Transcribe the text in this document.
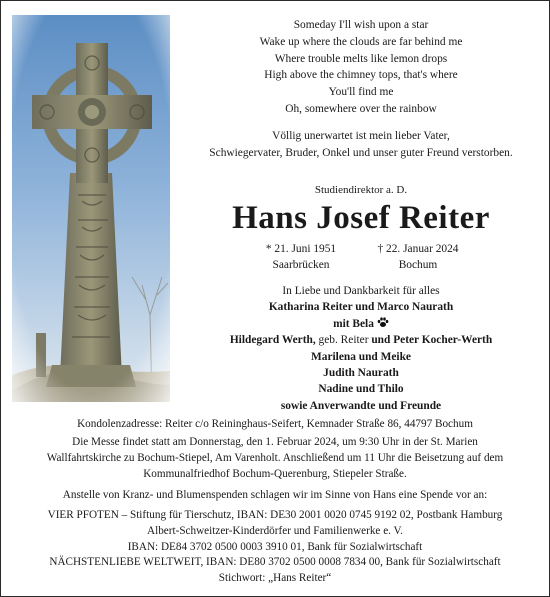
Someday I'll wish upon a star
Wake up where the clouds are far behind me
Where trouble melts like lemon drops
High above the chimney tops, that's where
You'll find me
Oh, somewhere over the rainbow
Völlig unerwartet ist mein lieber Vater,
Schwiegervater, Bruder, Onkel und unser guter Freund verstorben.
Studiendirektor a. D.
Hans Josef Reiter
* 21. Juni 1951
Saarbrücken
† 22. Januar 2024
Bochum
In Liebe und Dankbarkeit für alles
Katharina Reiter und Marco Naurath
mit Bela
Hildegard Werth, geb. Reiter und Peter Kocher-Werth
Marilena und Meike
Judith Naurath
Nadine und Thilo
sowie Anverwandte und Freunde
Kondolenzadresse: Reiter c/o Reininghaus-Seifert, Kemnader Straße 86, 44797 Bochum
Die Messe findet statt am Donnerstag, den 1. Februar 2024, um 9:30 Uhr in der St. Marien
Wallfahrtskirche zu Bochum-Stiepel, Am Varenholt. Anschließend um 11 Uhr die Beisetzung auf dem
Kommunalfriedhof Bochum-Querenburg, Stiepeler Straße.
Anstelle von Kranz- und Blumenspenden schlagen wir im Sinne von Hans eine Spende vor an:
VIER PFOTEN – Stiftung für Tierschutz, IBAN: DE30 2001 0020 0745 9192 02, Postbank Hamburg
Albert-Schweitzer-Kinderdörfer und Familienwerke e. V.
IBAN: DE84 3702 0500 0003 3910 01, Bank für Sozialwirtschaft
NÄCHSTENLIEBE WELTWEIT, IBAN: DE80 3702 0500 0008 7834 00, Bank für Sozialwirtschaft
Stichwort: „Hans Reiter“
